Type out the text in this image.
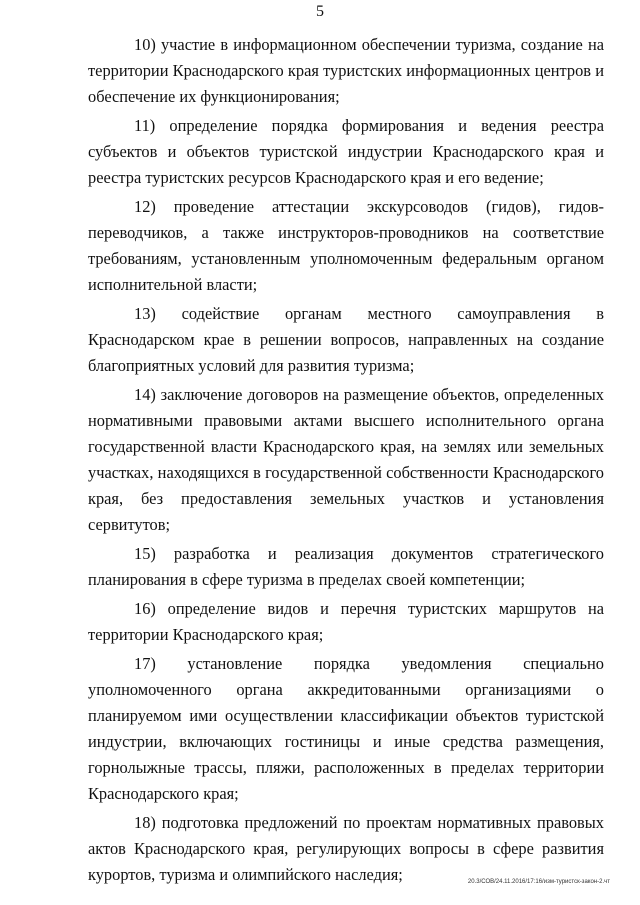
5

10) участие в информационном обеспечении туризма, создание на территории Краснодарского края туристских информационных центров и обеспечение их функционирования;

11) определение порядка формирования и ведения реестра субъектов и объектов туристской индустрии Краснодарского края и реестра туристских ресурсов Краснодарского края и его ведение;

12) проведение аттестации экскурсоводов (гидов), гидов-переводчиков, а также инструкторов-проводников на соответствие требованиям, установленным уполномоченным федеральным органом исполнительной власти;

13) содействие органам местного самоуправления в Краснодарском крае в решении вопросов, направленных на создание благоприятных условий для развития туризма;

14) заключение договоров на размещение объектов, определенных нормативными правовыми актами высшего исполнительного органа государственной власти Краснодарского края, на землях или земельных участках, находящихся в государственной собственности Краснодарского края, без предоставления земельных участков и установления сервитутов;

15) разработка и реализация документов стратегического планирования в сфере туризма в пределах своей компетенции;

16) определение видов и перечня туристских маршрутов на территории Краснодарского края;

17) установление порядка уведомления специально уполномоченного органа аккредитованными организациями о планируемом ими осуществлении классификации объектов туристской индустрии, включающих гостиницы и иные средства размещения, горнолыжные трассы, пляжи, расположенных в пределах территории Краснодарского края;

18) подготовка предложений по проектам нормативных правовых актов Краснодарского края, регулирующих вопросы в сфере развития курортов, туризма и олимпийского наследия;	20.3/СОВ/24.11.2016/17:16/изм-туристск-закон-2.чт
